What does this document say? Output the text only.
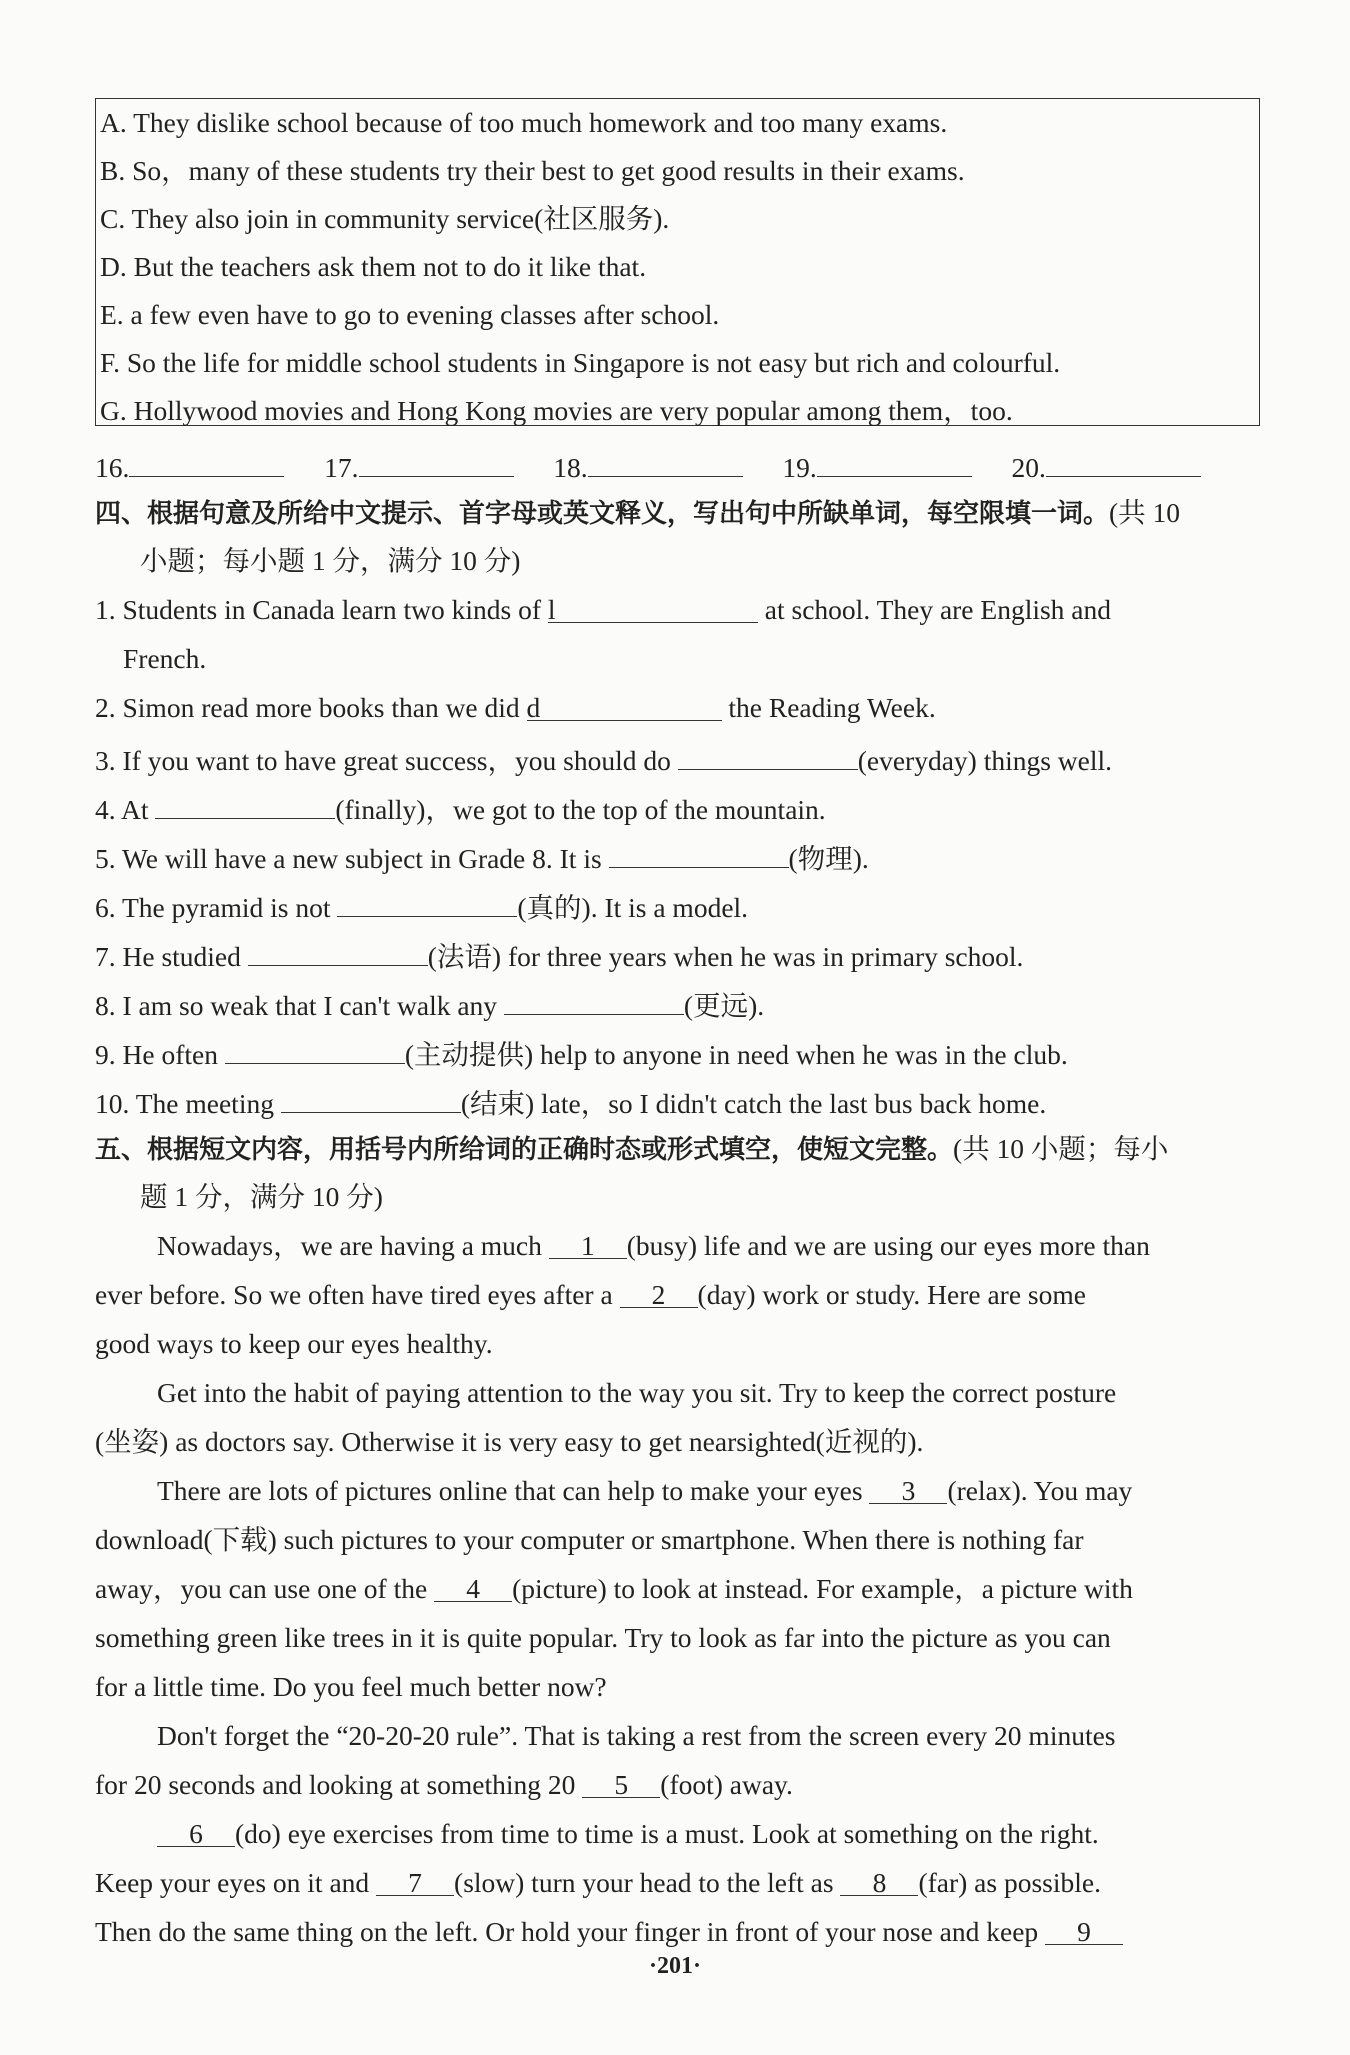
A. They dislike school because of too much homework and too many exams.
B. So，many of these students try their best to get good results in their exams.
C. They also join in community service(社区服务).
D. But the teachers ask them not to do it like that.
E. a few even have to go to evening classes after school.
F. So the life for middle school students in Singapore is not easy but rich and colourful.
G. Hollywood movies and Hong Kong movies are very popular among them，too.
16.	17.	18.	19.	20.
四、根据句意及所给中文提示、首字母或英文释义，写出句中所缺单词，每空限填一词。(共 10
小题；每小题 1 分，满分 10 分)
1. Students in Canada learn two kinds of l	at school. They are English and
French.
2. Simon read more books than we did d	the Reading Week.
3. If you want to have great success，you should do	(everyday) things well.
4. At	(finally)，we got to the top of the mountain.
5. We will have a new subject in Grade 8. It is	(物理).
6. The pyramid is not	(真的). It is a model.
7. He studied	(法语) for three years when he was in primary school.
8. I am so weak that I can't walk any	(更远).
9. He often	(主动提供) help to anyone in need when he was in the club.
10. The meeting	(结束) late，so I didn't catch the last bus back home.
五、根据短文内容，用括号内所给词的正确时态或形式填空，使短文完整。(共 10 小题；每小
题 1 分，满分 10 分)
Nowadays，we are having a much 1 (busy) life and we are using our eyes more than
ever before. So we often have tired eyes after a 2 (day) work or study. Here are some
good ways to keep our eyes healthy.
Get into the habit of paying attention to the way you sit. Try to keep the correct posture
(坐姿) as doctors say. Otherwise it is very easy to get nearsighted(近视的).
There are lots of pictures online that can help to make your eyes 3 (relax). You may
download(下载) such pictures to your computer or smartphone. When there is nothing far
away，you can use one of the 4 (picture) to look at instead. For example，a picture with
something green like trees in it is quite popular. Try to look as far into the picture as you can
for a little time. Do you feel much better now?
Don't forget the “20-20-20 rule”. That is taking a rest from the screen every 20 minutes
for 20 seconds and looking at something 20 5 (foot) away.
6 (do) eye exercises from time to time is a must. Look at something on the right.
Keep your eyes on it and 7 (slow) turn your head to the left as 8 (far) as possible.
Then do the same thing on the left. Or hold your finger in front of your nose and keep 9
·201·
